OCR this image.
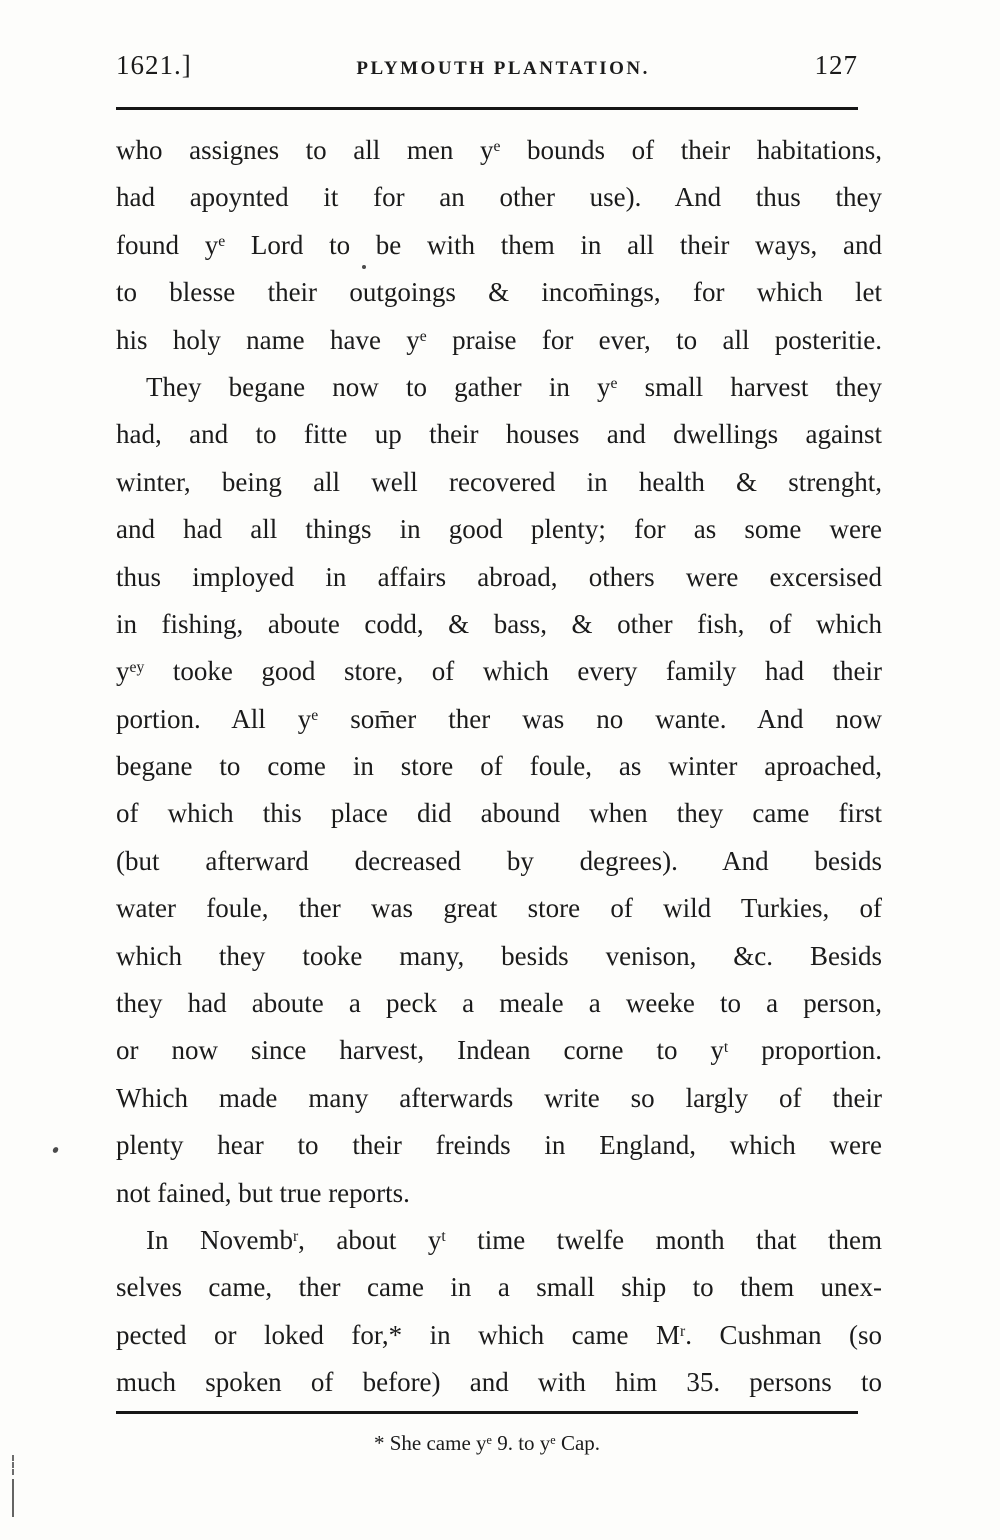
1621.]	PLYMOUTH PLANTATION.	127
who assignes to all men $y^e$ bounds of their habitations,
had apoynted it for an other use). And thus they
found $y^e$ Lord to be with them in all their ways, and
to blesse their outgoings & incom̄ings, for which let
his holy name have $y^e$ praise for ever, to all posteritie.
They begane now to gather in $y^e$ small harvest they
had, and to fitte up their houses and dwellings against
winter, being all well recovered in health & strenght,
and had all things in good plenty; for as some were
thus imployed in affairs abroad, others were excersised
in fishing, aboute codd, & bass, & other fish, of which
$y^{ey}$ tooke good store, of which every family had their
portion. All $y^e$ som̄er ther was no wante. And now
begane to come in store of foule, as winter aproached,
of which this place did abound when they came first
(but afterward decreased by degrees). And besids
water foule, ther was great store of wild Turkies, of
which they tooke many, besids venison, &c. Besids
they had aboute a peck a meale a weeke to a person,
or now since harvest, Indean corne to $y^t$ proportion.
Which made many afterwards write so largly of their
plenty hear to their freinds in England, which were
not fained, but true reports.
In Novemb$^r$, about $y^t$ time twelfe month that them
selves came, ther came in a small ship to them unex-
pected or loked for,* in which came $M^r$. Cushman (so
much spoken of before) and with him 35. persons to
* She came $y^e$ 9. to $y^e$ Cap.
